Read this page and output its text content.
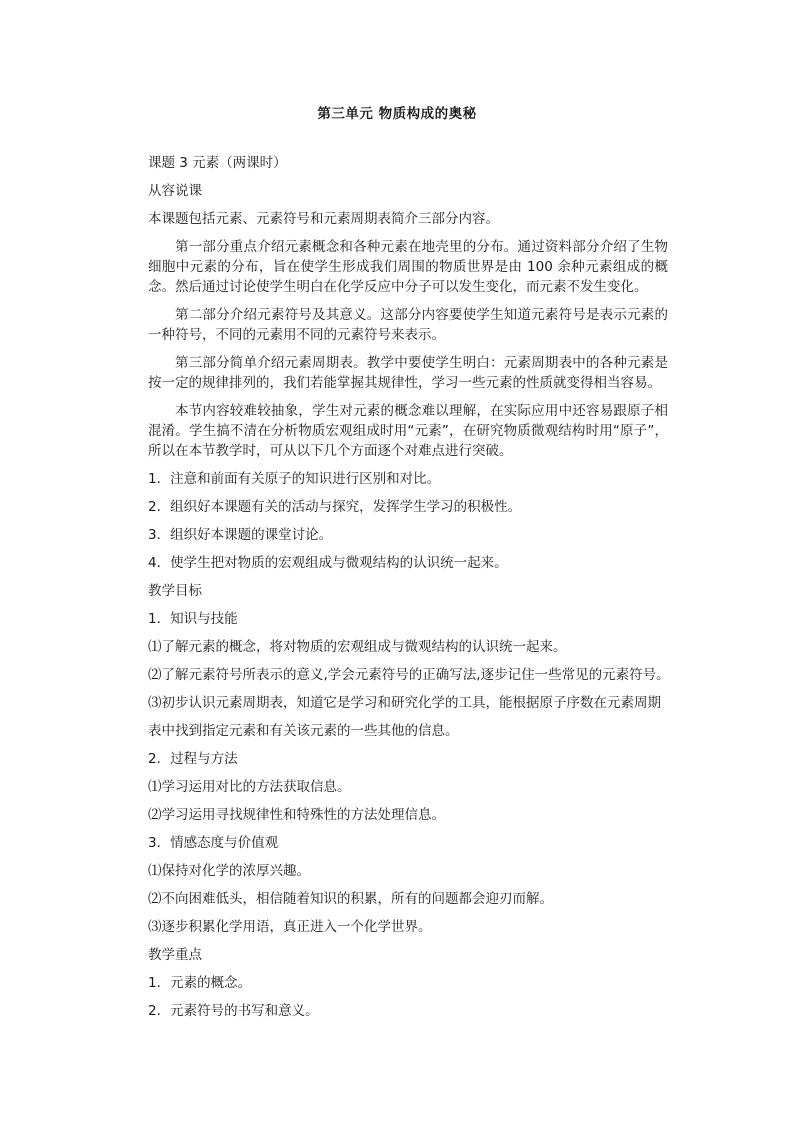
第三单元 物质构成的奥秘
课题 3 元素（两课时）
从容说课
本课题包括元素、元素符号和元素周期表简介三部分内容。
第一部分重点介绍元素概念和各种元素在地壳里的分布。通过资料部分介绍了生物细胞中元素的分布，旨在使学生形成我们周围的物质世界是由 100 余种元素组成的概念。然后通过讨论使学生明白在化学反应中分子可以发生变化，而元素不发生变化。
第二部分介绍元素符号及其意义。这部分内容要使学生知道元素符号是表示元素的一种符号，不同的元素用不同的元素符号来表示。
第三部分简单介绍元素周期表。教学中要使学生明白：元素周期表中的各种元素是按一定的规律排列的，我们若能掌握其规律性，学习一些元素的性质就变得相当容易。
本节内容较难较抽象，学生对元素的概念难以理解，在实际应用中还容易跟原子相混淆。学生搞不清在分析物质宏观组成时用“元素”，在研究物质微观结构时用“原子”，所以在本节教学时，可从以下几个方面逐个对难点进行突破。
1．注意和前面有关原子的知识进行区别和对比。
2．组织好本课题有关的活动与探究，发挥学生学习的积极性。
3．组织好本课题的课堂讨论。
4．使学生把对物质的宏观组成与微观结构的认识统一起来。
教学目标
1．知识与技能
⑴了解元素的概念，将对物质的宏观组成与微观结构的认识统一起来。
⑵了解元素符号所表示的意义,学会元素符号的正确写法,逐步记住一些常见的元素符号。
⑶初步认识元素周期表，知道它是学习和研究化学的工具，能根据原子序数在元素周期
表中找到指定元素和有关该元素的一些其他的信息。
2．过程与方法
⑴学习运用对比的方法获取信息。
⑵学习运用寻找规律性和特殊性的方法处理信息。
3．情感态度与价值观
⑴保持对化学的浓厚兴趣。
⑵不向困难低头，相信随着知识的积累，所有的问题都会迎刃而解。
⑶逐步积累化学用语，真正进入一个化学世界。
教学重点
1．元素的概念。
2．元素符号的书写和意义。
